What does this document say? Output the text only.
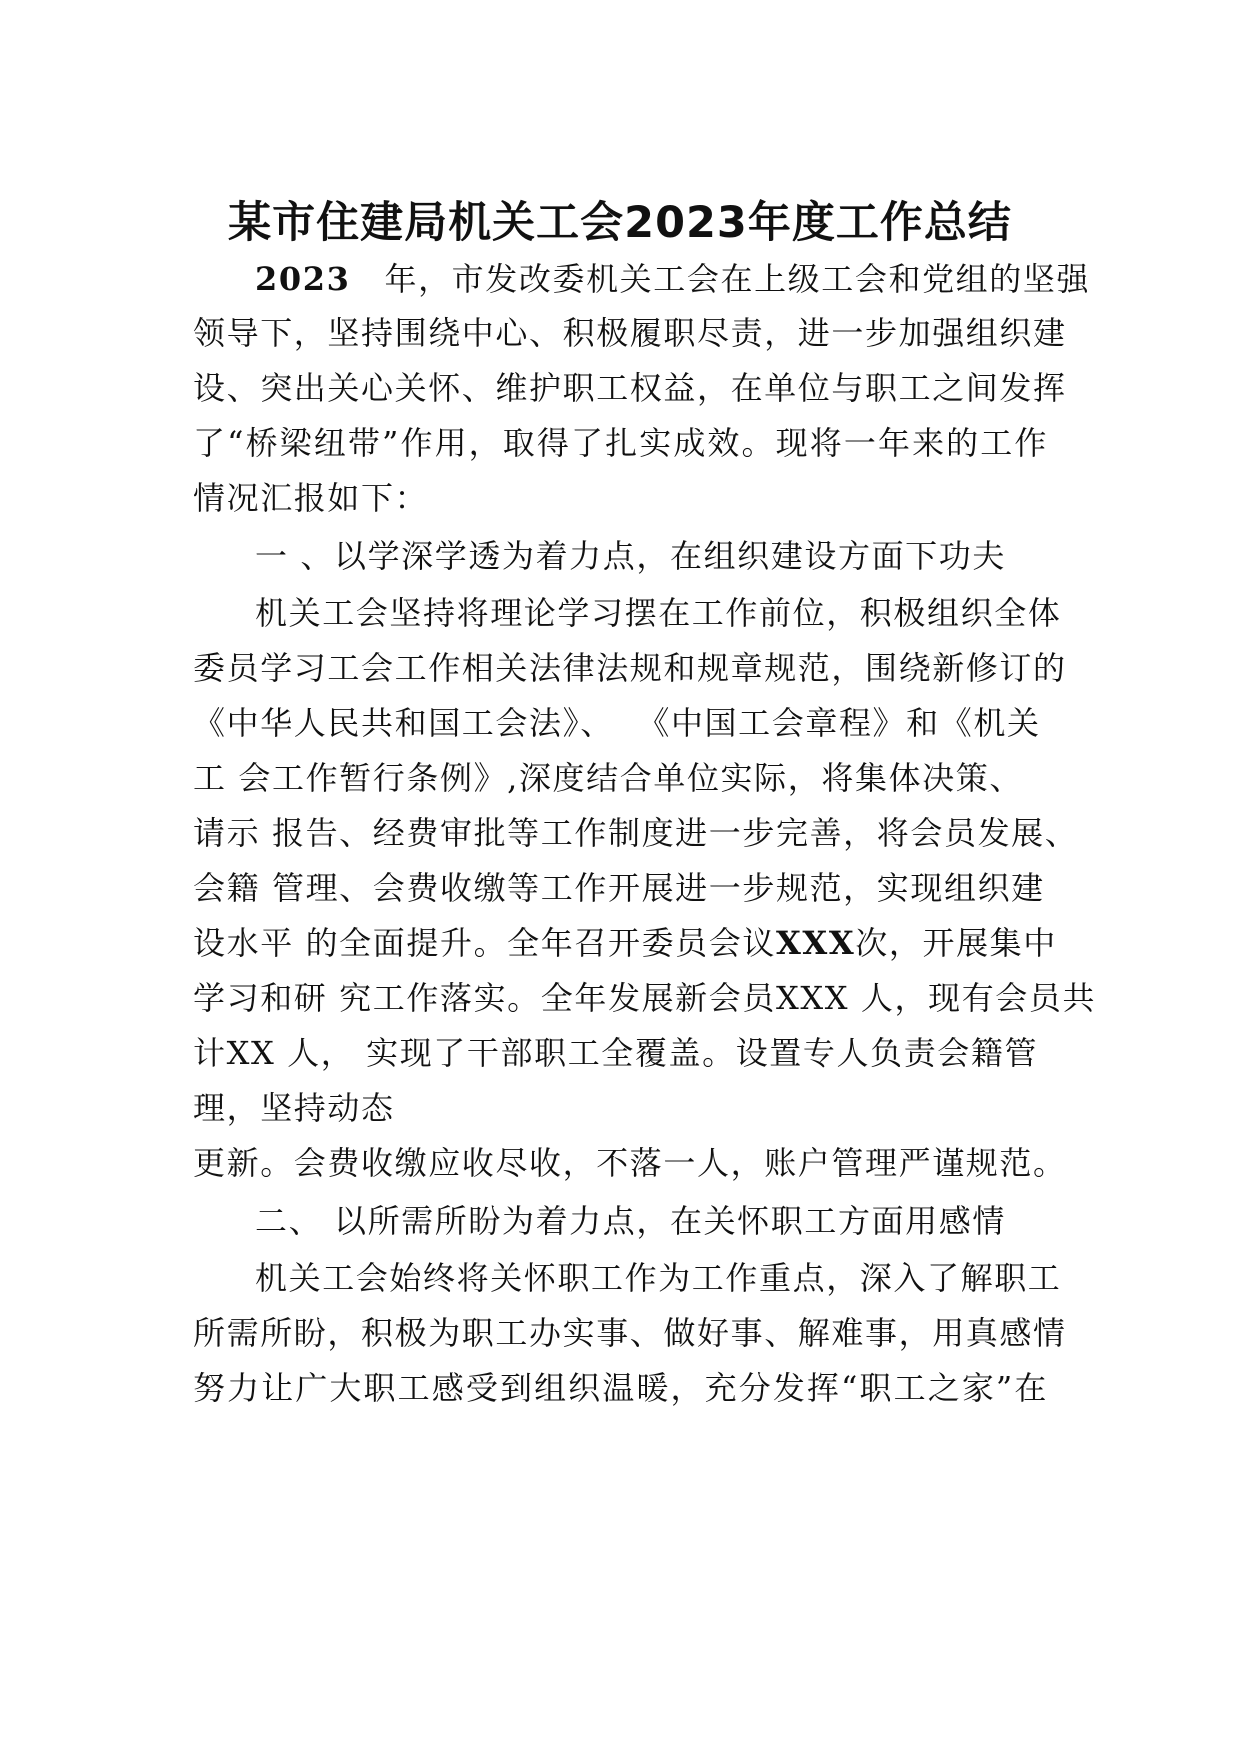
某市住建局机关工会2023年度工作总结
2023 年，市发改委机关工会在上级工会和党组的坚强
领导下，坚持围绕中心、积极履职尽责，进一步加强组织建
设、突出关心关怀、维护职工权益，在单位与职工之间发挥
了“桥梁纽带”作用，取得了扎实成效。现将一年来的工作
情况汇报如下：
一 、以学深学透为着力点，在组织建设方面下功夫
机关工会坚持将理论学习摆在工作前位，积极组织全体
委员学习工会工作相关法律法规和规章规范，围绕新修订的
《中华人民共和国工会法》、  《中国工会章程》和《机关
工 会工作暂行条例》,深度结合单位实际，将集体决策、
请示 报告、经费审批等工作制度进一步完善，将会员发展、
会籍 管理、会费收缴等工作开展进一步规范，实现组织建
设水平 的全面提升。全年召开委员会议XXX次，开展集中
学习和研 究工作落实。全年发展新会员XXX 人，现有会员共
计XX 人， 实现了干部职工全覆盖。设置专人负责会籍管
理，坚持动态
更新。会费收缴应收尽收，不落一人，账户管理严谨规范。
二、 以所需所盼为着力点，在关怀职工方面用感情
机关工会始终将关怀职工作为工作重点，深入了解职工
所需所盼，积极为职工办实事、做好事、解难事，用真感情
努力让广大职工感受到组织温暖，充分发挥“职工之家”在
